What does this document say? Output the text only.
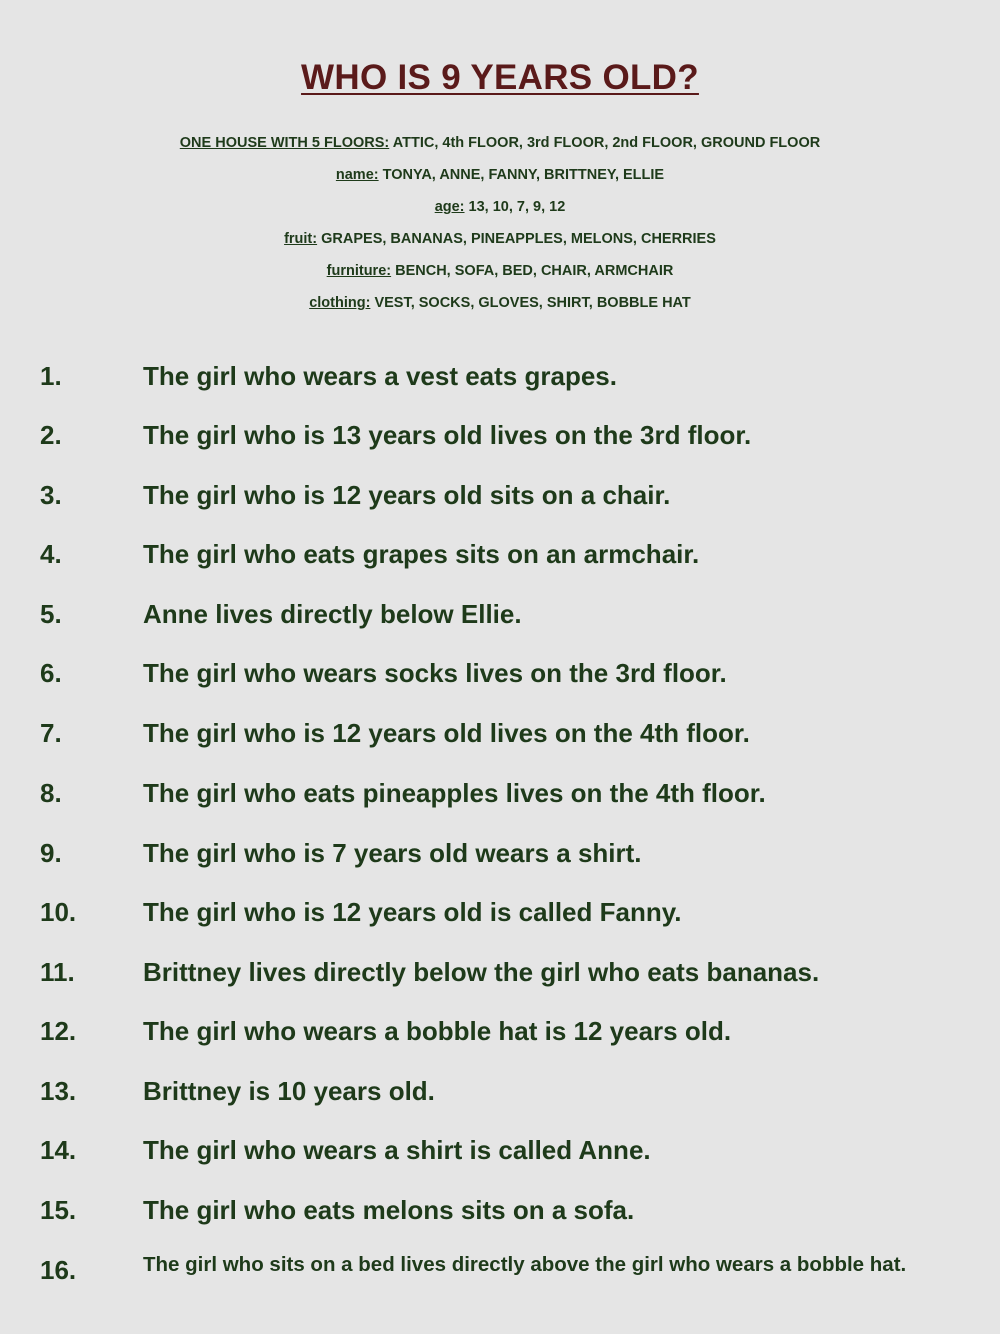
WHO IS 9 YEARS OLD?
ONE HOUSE WITH 5 FLOORS: ATTIC, 4th FLOOR, 3rd FLOOR, 2nd FLOOR, GROUND FLOOR
name: TONYA, ANNE, FANNY, BRITTNEY, ELLIE
age: 13, 10, 7, 9, 12
fruit: GRAPES, BANANAS, PINEAPPLES, MELONS, CHERRIES
furniture: BENCH, SOFA, BED, CHAIR, ARMCHAIR
clothing: VEST, SOCKS, GLOVES, SHIRT, BOBBLE HAT
1.	The girl who wears a vest eats grapes.
2.	The girl who is 13 years old lives on the 3rd floor.
3.	The girl who is 12 years old sits on a chair.
4.	The girl who eats grapes sits on an armchair.
5.	Anne lives directly below Ellie.
6.	The girl who wears socks lives on the 3rd floor.
7.	The girl who is 12 years old lives on the 4th floor.
8.	The girl who eats pineapples lives on the 4th floor.
9.	The girl who is 7 years old wears a shirt.
10.	The girl who is 12 years old is called Fanny.
11.	Brittney lives directly below the girl who eats bananas.
12.	The girl who wears a bobble hat is 12 years old.
13.	Brittney is 10 years old.
14.	The girl who wears a shirt is called Anne.
15.	The girl who eats melons sits on a sofa.
16.	The girl who sits on a bed lives directly above the girl who wears a bobble hat.
